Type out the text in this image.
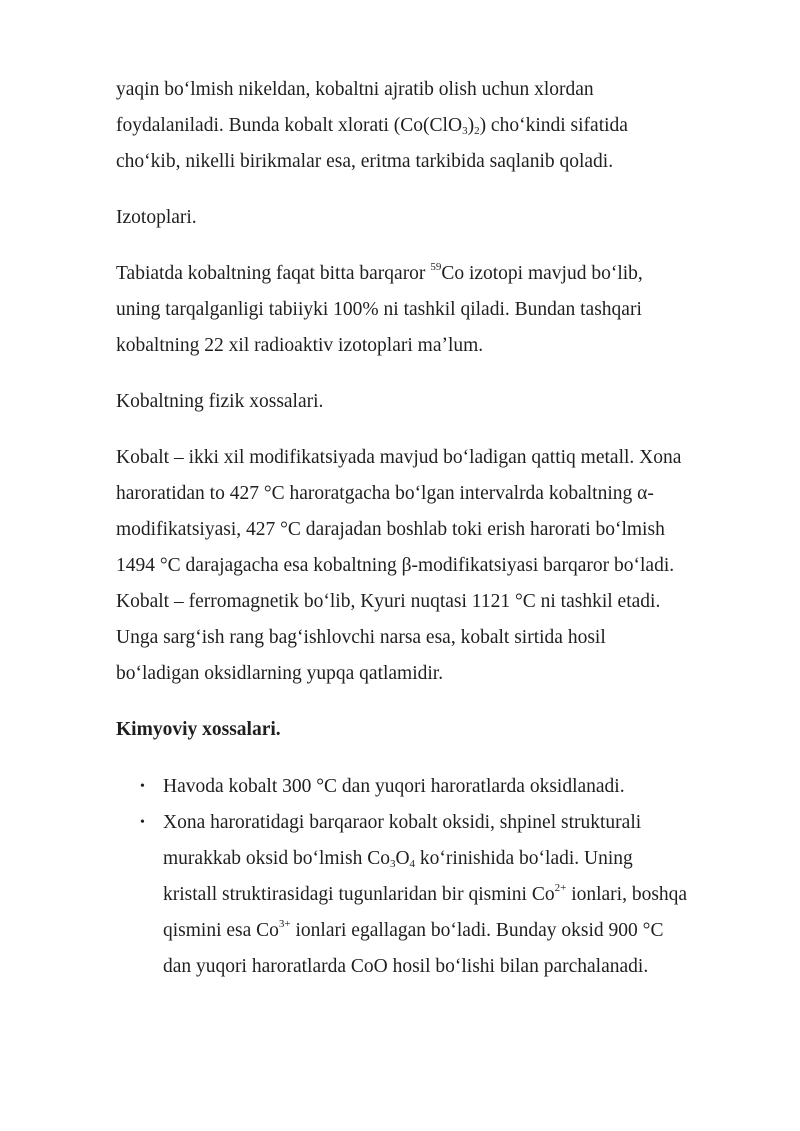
yaqin boʻlmish nikeldan, kobaltni ajratib olish uchun xlordan
foydalaniladi. Bunda kobalt xlorati $(Co(ClO_3)_2)$ choʻkindi sifatida
choʻkib, nikelli birikmalar esa, eritma tarkibida saqlanib qoladi.

Izotoplari.

Tabiatda kobaltning faqat bitta barqaror $^{59}$Co izotopi mavjud boʻlib,
uning tarqalganligi tabiiyki 100% ni tashkil qiladi. Bundan tashqari
kobaltning 22 xil radioaktiv izotoplari maʼlum.

Kobaltning fizik xossalari.

Kobalt – ikki xil modifikatsiyada mavjud boʻladigan qattiq metall. Xona
haroratidan to 427 °C haroratgacha boʻlgan intervalrda kobaltning α-
modifikatsiyasi, 427 °C darajadan boshlab toki erish harorati boʻlmish
1494 °C darajagacha esa kobaltning β-modifikatsiyasi barqaror boʻladi.
Kobalt – ferromagnetik boʻlib, Kyuri nuqtasi 1121 °C ni tashkil etadi.
Unga sargʻish rang bagʻishlovchi narsa esa, kobalt sirtida hosil
boʻladigan oksidlarning yupqa qatlamidir.

Kimyoviy xossalari.

• Havoda kobalt 300 °C dan yuqori haroratlarda oksidlanadi.
• Xona haroratidagi barqaraor kobalt oksidi, shpinel strukturali
murakkab oksid boʻlmish $Co_3O_4$ koʻrinishida boʻladi. Uning
kristall struktirasidagi tugunlaridan bir qismini $Co^{2+}$ ionlari, boshqa
qismini esa $Co^{3+}$ ionlari egallagan boʻladi. Bunday oksid 900 °C
dan yuqori haroratlarda CoO hosil boʻlishi bilan parchalanadi.
